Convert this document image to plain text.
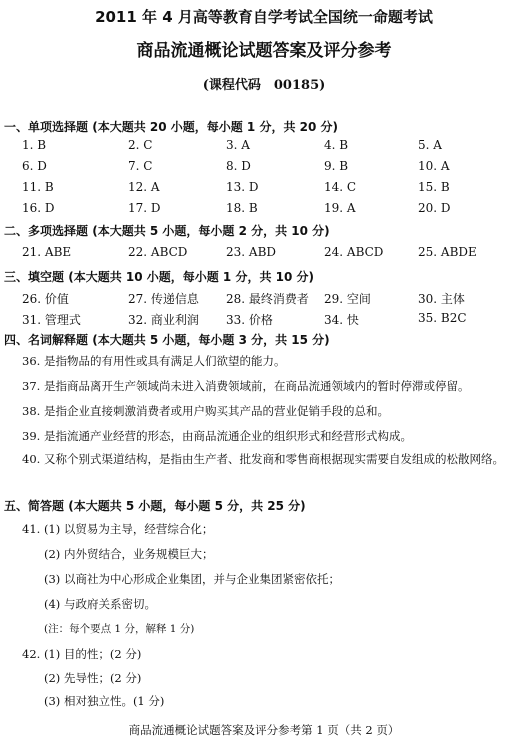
2011 年 4 月高等教育自学考试全国统一命题考试
商品流通概论试题答案及评分参考
(课程代码　00185)
一、单项选择题 (本大题共 20 小题，每小题 1 分，共 20 分)
1. B	2. C	3. A	4. B	5. A
6. D	7. C	8. D	9. B	10. A
11. B	12. A	13. D	14. C	15. B
16. D	17. D	18. B	19. A	20. D
二、多项选择题 (本大题共 5 小题，每小题 2 分，共 10 分)
21. ABE	22. ABCD	23. ABD	24. ABCD	25. ABDE
三、填空题 (本大题共 10 小题，每小题 1 分，共 10 分)
26. 价值	27. 传递信息 28. 最终消费者 29. 空间	30. 主体
31. 管理式	32. 商业利润 33. 价格	34. 快	35. B2C
四、名词解释题 (本大题共 5 小题，每小题 3 分，共 15 分)
36. 是指物品的有用性或具有满足人们欲望的能力。
37. 是指商品离开生产领域尚未进入消费领域前，在商品流通领域内的暂时停滞或停留。
38. 是指企业直接刺激消费者或用户购买其产品的营业促销手段的总和。
39. 是指流通产业经营的形态，由商品流通企业的组织形式和经营形式构成。
40. 又称个别式渠道结构，是指由生产者、批发商和零售商根据现实需要自发组成的松散网络。
五、简答题 (本大题共 5 小题，每小题 5 分，共 25 分)
41. (1) 以贸易为主导，经营综合化；
(2) 内外贸结合，业务规模巨大；
(3) 以商社为中心形成企业集团，并与企业集团紧密依托；
(4) 与政府关系密切。
(注：每个要点 1 分，解释 1 分)
42. (1) 目的性；(2 分)
(2) 先导性；(2 分)
(3) 相对独立性。(1 分)
商品流通概论试题答案及评分参考第 1 页（共 2 页）
